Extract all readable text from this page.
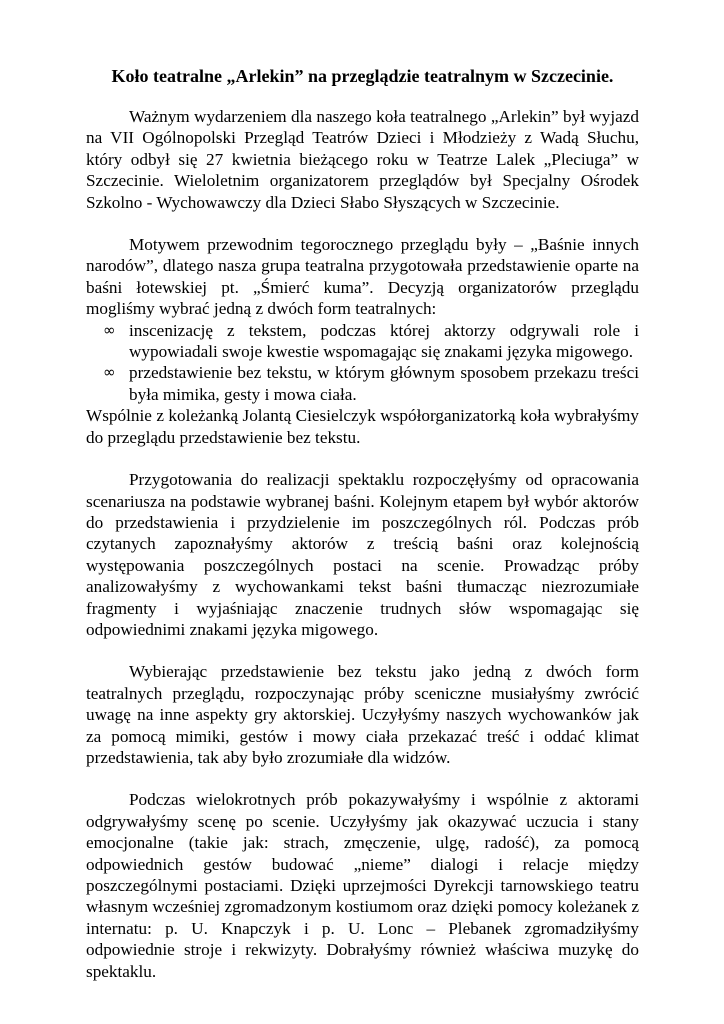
Koło teatralne „Arlekin” na przeglądzie teatralnym w Szczecinie.

Ważnym wydarzeniem dla naszego koła teatralnego „Arlekin” był wyjazd na VII Ogólnopolski Przegląd Teatrów Dzieci i Młodzieży z Wadą Słuchu, który odbył się 27 kwietnia bieżącego roku w Teatrze Lalek „Pleciuga” w Szczecinie. Wieloletnim organizatorem przeglądów był Specjalny Ośrodek Szkolno - Wychowawczy dla Dzieci Słabo Słyszących w Szczecinie.

Motywem przewodnim tegorocznego przeglądu były – „Baśnie innych narodów”, dlatego nasza grupa teatralna przygotowała przedstawienie oparte na baśni łotewskiej pt. „Śmierć kuma”. Decyzją organizatorów przeglądu mogliśmy wybrać jedną z dwóch form teatralnych:

∞ inscenizację z tekstem, podczas której aktorzy odgrywali role i wypowiadali swoje kwestie wspomagając się znakami języka migowego.
∞ przedstawienie bez tekstu, w którym głównym sposobem przekazu treści była mimika, gesty i mowa ciała.

Wspólnie z koleżanką Jolantą Ciesielczyk współorganizatorką koła wybrałyśmy do przeglądu przedstawienie bez tekstu.

Przygotowania do realizacji spektaklu rozpoczęłyśmy od opracowania scenariusza na podstawie wybranej baśni. Kolejnym etapem był wybór aktorów do przedstawienia i przydzielenie im poszczególnych ról. Podczas prób czytanych zapoznałyśmy aktorów z treścią baśni oraz kolejnością występowania poszczególnych postaci na scenie. Prowadząc próby analizowałyśmy z wychowankami tekst baśni tłumacząc niezrozumiałe fragmenty i wyjaśniając znaczenie trudnych słów wspomagając się odpowiednimi znakami języka migowego.

Wybierając przedstawienie bez tekstu jako jedną z dwóch form teatralnych przeglądu, rozpoczynając próby sceniczne musiałyśmy zwrócić uwagę na inne aspekty gry aktorskiej. Uczyłyśmy naszych wychowanków jak za pomocą mimiki, gestów i mowy ciała przekazać treść i oddać klimat przedstawienia, tak aby było zrozumiałe dla widzów.

Podczas wielokrotnych prób pokazywałyśmy i wspólnie z aktorami odgrywałyśmy scenę po scenie. Uczyłyśmy jak okazywać uczucia i stany emocjonalne (takie jak: strach, zmęczenie, ulgę, radość), za pomocą odpowiednich gestów budować „nieme” dialogi i relacje między poszczególnymi postaciami. Dzięki uprzejmości Dyrekcji tarnowskiego teatru własnym wcześniej zgromadzonym kostiumom oraz dzięki pomocy koleżanek z internatu: p. U. Knapczyk i p. U. Lonc – Plebanek zgromadziłyśmy odpowiednie stroje i rekwizyty. Dobrałyśmy również właściwa muzykę do spektaklu.
